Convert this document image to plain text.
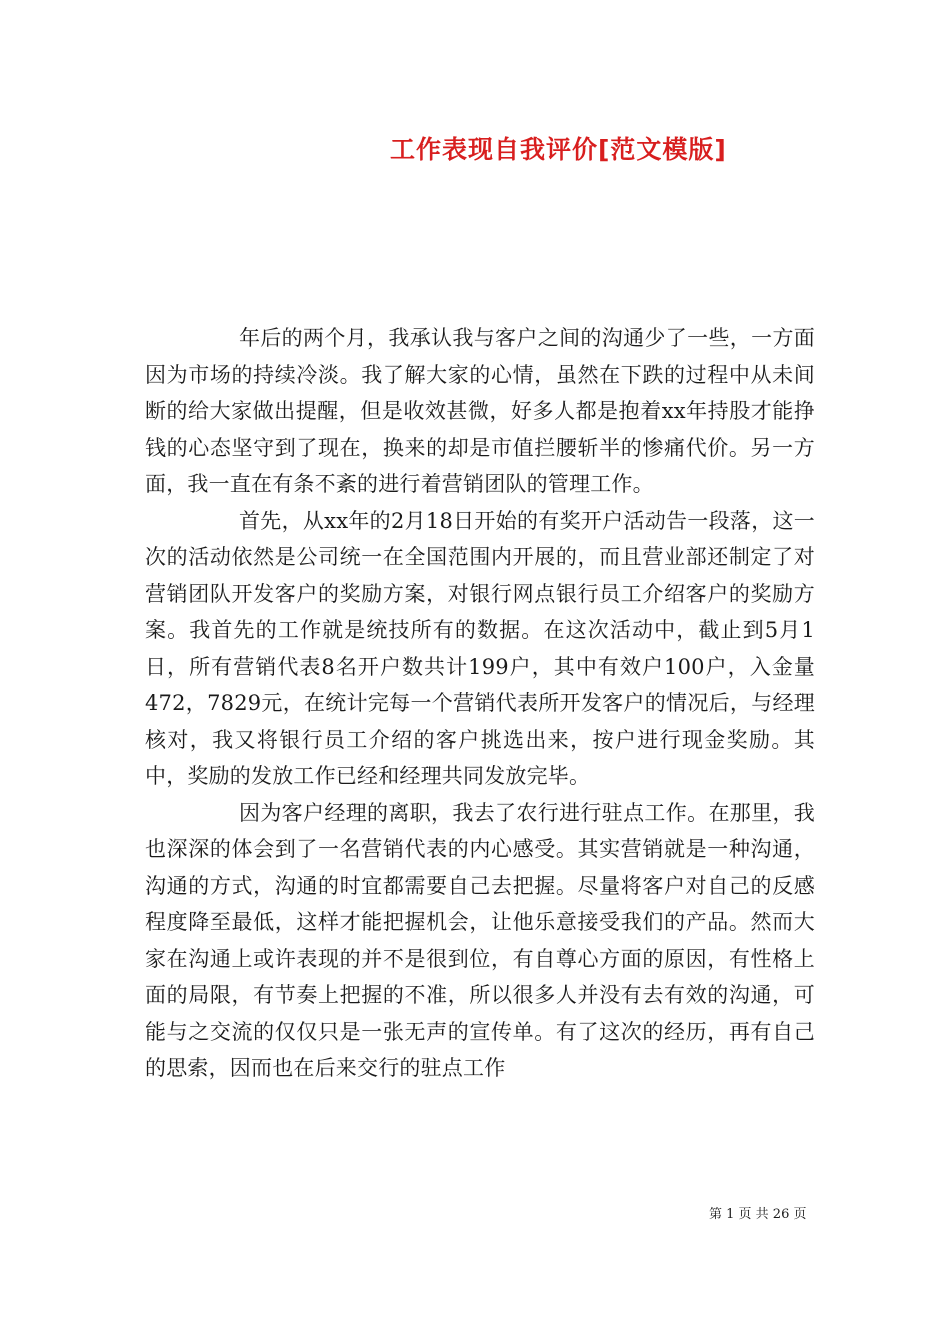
工作表现自我评价[范文模版]

年后的两个月，我承认我与客户之间的沟通少了一些，一方面因为市场的持续冷淡。我了解大家的心情，虽然在下跌的过程中从未间断的给大家做出提醒，但是收效甚微，好多人都是抱着xx年持股才能挣钱的心态坚守到了现在，换来的却是市值拦腰斩半的惨痛代价。另一方面，我一直在有条不紊的进行着营销团队的管理工作。

首先，从xx年的2月18日开始的有奖开户活动告一段落，这一次的活动依然是公司统一在全国范围内开展的，而且营业部还制定了对营销团队开发客户的奖励方案，对银行网点银行员工介绍客户的奖励方案。我首先的工作就是统技所有的数据。在这次活动中，截止到5月1日，所有营销代表8名开户数共计199户，其中有效户100户，入金量472，7829元，在统计完每一个营销代表所开发客户的情况后，与经理核对，我又将银行员工介绍的客户挑选出来，按户进行现金奖励。其中，奖励的发放工作已经和经理共同发放完毕。

因为客户经理的离职，我去了农行进行驻点工作。在那里，我也深深的体会到了一名营销代表的内心感受。其实营销就是一种沟通，沟通的方式，沟通的时宜都需要自己去把握。尽量将客户对自己的反感程度降至最低，这样才能把握机会，让他乐意接受我们的产品。然而大家在沟通上或许表现的并不是很到位，有自尊心方面的原因，有性格上面的局限，有节奏上把握的不准，所以很多人并没有去有效的沟通，可能与之交流的仅仅只是一张无声的宣传单。有了这次的经历，再有自己的思索，因而也在后来交行的驻点工作

第 1 页 共 26 页
